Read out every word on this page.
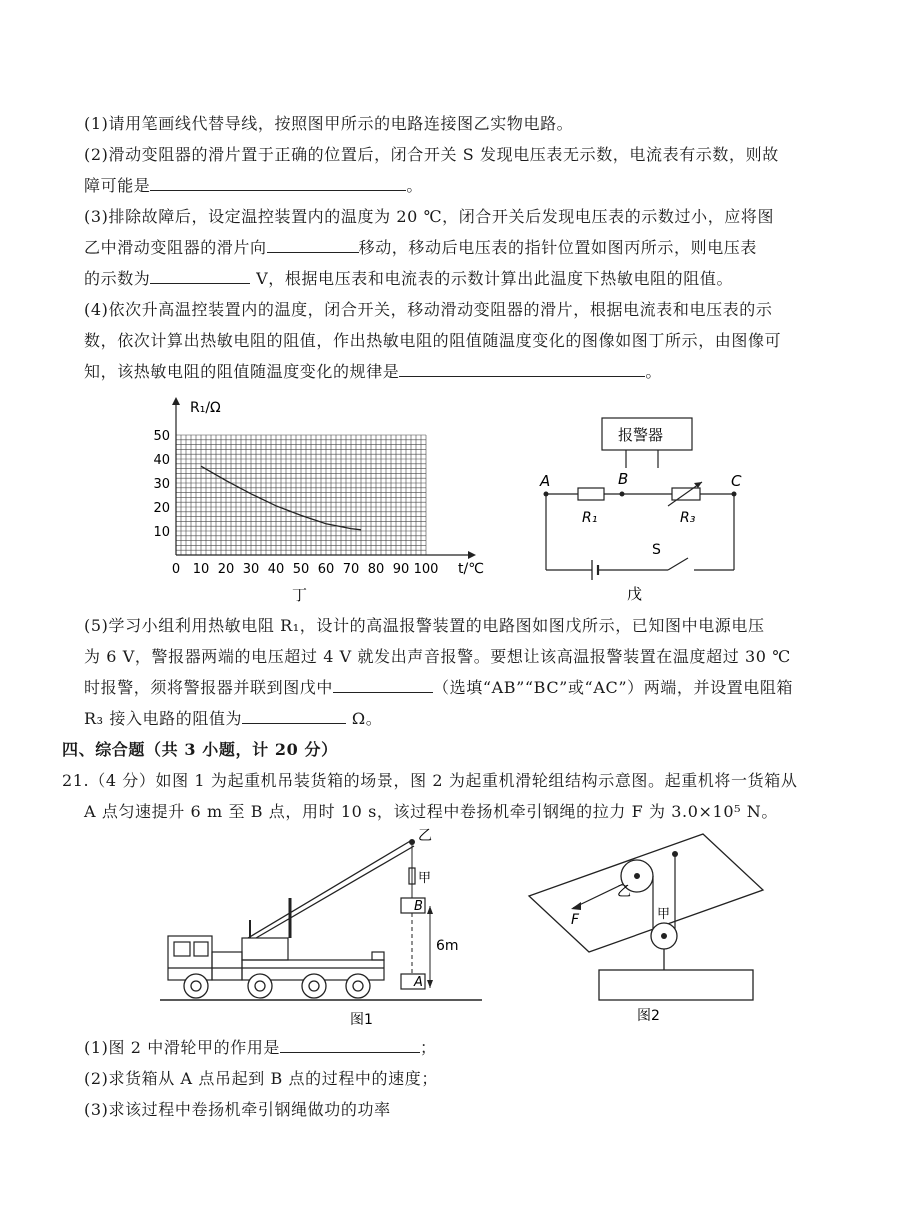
(1)请用笔画线代替导线，按照图甲所示的电路连接图乙实物电路。
(2)滑动变阻器的滑片置于正确的位置后，闭合开关 S 发现电压表无示数，电流表有示数，则故
障可能是	。
(3)排除故障后，设定温控装置内的温度为 20 ℃，闭合开关后发现电压表的示数过小，应将图
乙中滑动变阻器的滑片向	移动，移动后电压表的指针位置如图丙所示，则电压表
的示数为	V，根据电压表和电流表的示数计算出此温度下热敏电阻的阻值。
(4)依次升高温控装置内的温度，闭合开关，移动滑动变阻器的滑片，根据电流表和电压表的示
数，依次计算出热敏电阻的阻值，作出热敏电阻的阻值随温度变化的图像如图丁所示，由图像可
知，该热敏电阻的阻值随温度变化的规律是	。
10
20
30
40
50
0 10 20 30 40 50 60 70 80 90 100
R₁/Ω
t/℃
丁
报警器
A	B	C
R₁	R₃
S
戊
(5)学习小组利用热敏电阻 R₁，设计的高温报警装置的电路图如图戊所示，已知图中电源电压
为 6 V，警报器两端的电压超过 4 V 就发出声音报警。要想让该高温报警装置在温度超过 30 ℃
时报警，须将警报器并联到图戊中	（选填“AB”“BC”或“AC”）两端，并设置电阻箱
R₃ 接入电路的阻值为	Ω。
四、综合题（共 3 小题，计 20 分）
21.（4 分）如图 1 为起重机吊装货箱的场景，图 2 为起重机滑轮组结构示意图。起重机将一货箱从
A 点匀速提升 6 m 至 B 点，用时 10 s，该过程中卷扬机牵引钢绳的拉力 F 为 3.0×10⁵ N。
乙
甲
B
A
6m
图1
乙
甲
F
图2
(1)图 2 中滑轮甲的作用是	；
(2)求货箱从 A 点吊起到 B 点的过程中的速度；
(3)求该过程中卷扬机牵引钢绳做功的功率
